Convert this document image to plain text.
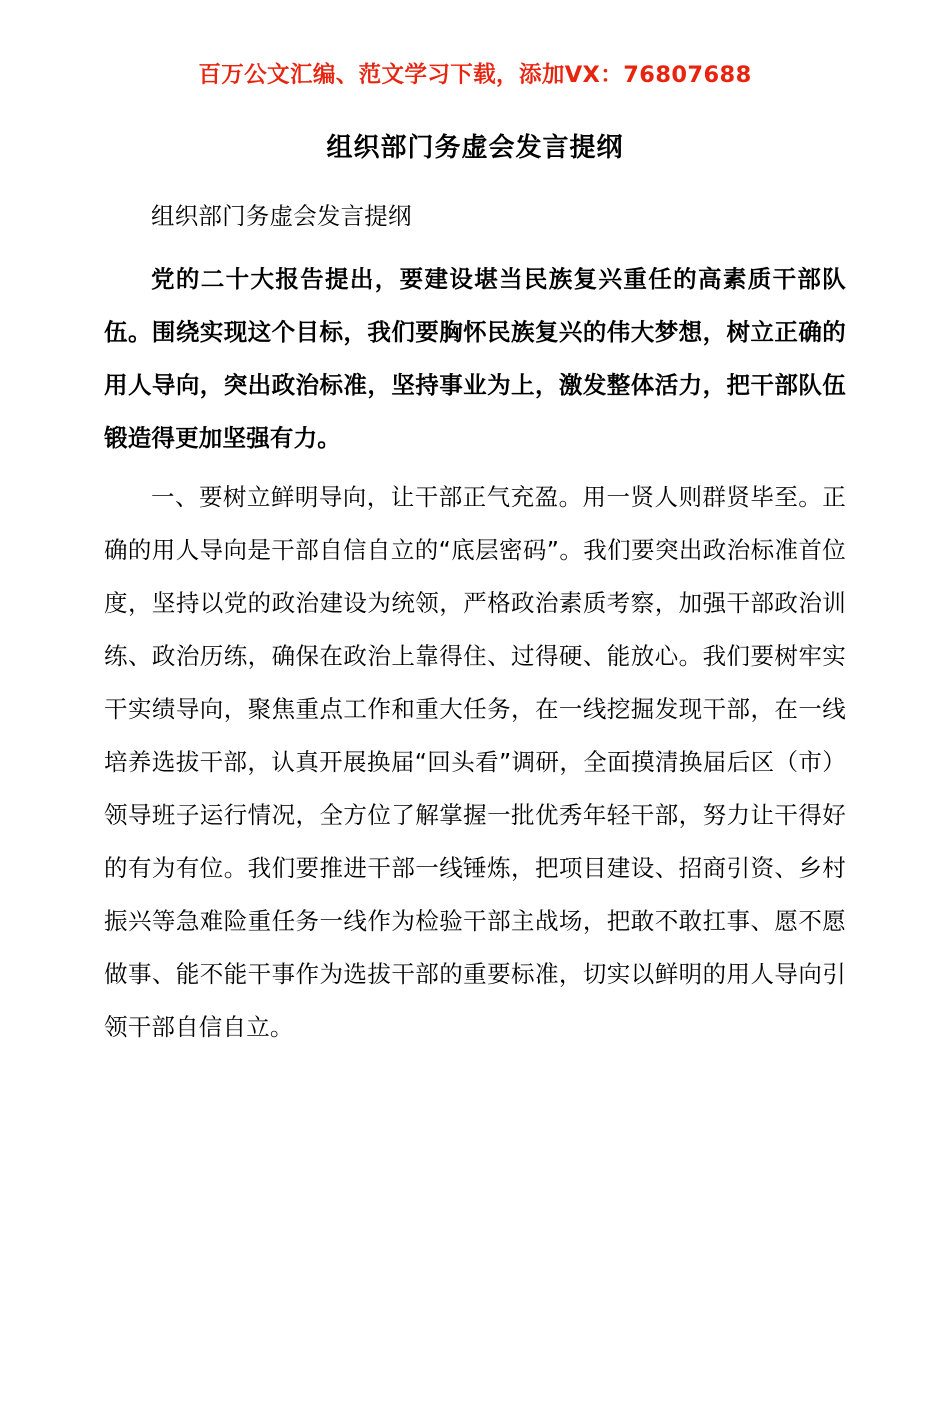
百万公文汇编、范文学习下载，添加VX：76807688
组织部门务虚会发言提纲

组织部门务虚会发言提纲

党的二十大报告提出，要建设堪当民族复兴重任的高素质干部队伍。围绕实现这个目标，我们要胸怀民族复兴的伟大梦想，树立正确的用人导向，突出政治标准，坚持事业为上，激发整体活力，把干部队伍锻造得更加坚强有力。

一、要树立鲜明导向，让干部正气充盈。用一贤人则群贤毕至。正确的用人导向是干部自信自立的“底层密码”。我们要突出政治标准首位度，坚持以党的政治建设为统领，严格政治素质考察，加强干部政治训练、政治历练，确保在政治上靠得住、过得硬、能放心。我们要树牢实干实绩导向，聚焦重点工作和重大任务，在一线挖掘发现干部，在一线培养选拔干部，认真开展换届“回头看”调研，全面摸清换届后区（市）领导班子运行情况，全方位了解掌握一批优秀年轻干部，努力让干得好的有为有位。我们要推进干部一线锤炼，把项目建设、招商引资、乡村振兴等急难险重任务一线作为检验干部主战场，把敢不敢扛事、愿不愿做事、能不能干事作为选拔干部的重要标准，切实以鲜明的用人导向引领干部自信自立。
